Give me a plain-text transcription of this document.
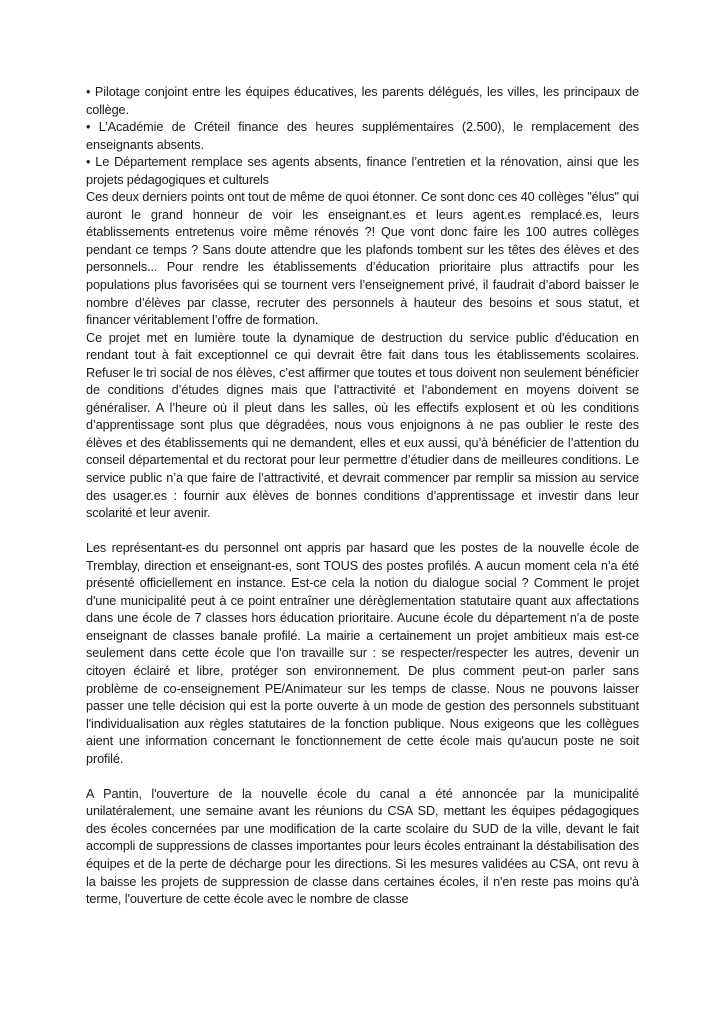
• Pilotage conjoint entre les équipes éducatives, les parents délégués, les villes, les principaux de collège.

• L’Académie de Créteil finance des heures supplémentaires (2.500), le remplacement des enseignants absents.

• Le Département remplace ses agents absents, finance l’entretien et la rénovation, ainsi que les projets pédagogiques et culturels

Ces deux derniers points ont tout de même de quoi étonner. Ce sont donc ces 40 collèges "élus" qui auront le grand honneur de voir les enseignant.es et leurs agent.es remplacé.es, leurs établissements entretenus voire même rénovés ?! Que vont donc faire les 100 autres collèges pendant ce temps ? Sans doute attendre que les plafonds tombent sur les têtes des élèves et des personnels... Pour rendre les établissements d’éducation prioritaire plus attractifs pour les populations plus favorisées qui se tournent vers l’enseignement privé, il faudrait d’abord baisser le nombre d’élèves par classe, recruter des personnels à hauteur des besoins et sous statut, et financer véritablement l’offre de formation.

Ce projet met en lumière toute la dynamique de destruction du service public d'éducation en rendant tout à fait exceptionnel ce qui devrait être fait dans tous les établissements scolaires. Refuser le tri social de nos élèves, c’est affirmer que toutes et tous doivent non seulement bénéficier de conditions d’études dignes mais que l’attractivité et l’abondement en moyens doivent se généraliser. A l’heure où il pleut dans les salles, où les effectifs explosent et où les conditions d’apprentissage sont plus que dégradées, nous vous enjoignons à ne pas oublier le reste des élèves et des établissements qui ne demandent, elles et eux aussi, qu’à bénéficier de l’attention du conseil départemental et du rectorat pour leur permettre d’étudier dans de meilleures conditions. Le service public n’a que faire de l’attractivité, et devrait commencer par remplir sa mission au service des usager.es : fournir aux élèves de bonnes conditions d’apprentissage et investir dans leur scolarité et leur avenir.

Les représentant-es du personnel ont appris par hasard que les postes de la nouvelle école de Tremblay, direction et enseignant-es, sont TOUS des postes profilés. A aucun moment cela n’a été présenté officiellement en instance. Est-ce cela la notion du dialogue social ? Comment le projet d'une municipalité peut à ce point entraîner une dérèglementation statutaire quant aux affectations dans une école de 7 classes hors éducation prioritaire. Aucune école du département n'a de poste enseignant de classes banale profilé. La mairie a certainement un projet ambitieux mais est-ce seulement dans cette école que l'on travaille sur : se respecter/respecter les autres, devenir un citoyen éclairé et libre, protéger son environnement. De plus comment peut-on parler sans problème de co-enseignement PE/Animateur sur les temps de classe. Nous ne pouvons laisser passer une telle décision qui est la porte ouverte à un mode de gestion des personnels substituant l'individualisation aux règles statutaires de la fonction publique. Nous exigeons que les collègues aient une information concernant le fonctionnement de cette école mais qu'aucun poste ne soit profilé.

A Pantin, l'ouverture de la nouvelle école du canal a été annoncée par la municipalité unilatéralement, une semaine avant les réunions du CSA SD, mettant les équipes pédagogiques des écoles concernées par une modification de la carte scolaire du SUD de la ville, devant le fait accompli de suppressions de classes importantes pour leurs écoles entrainant la déstabilisation des équipes et de la perte de décharge pour les directions. Si les mesures validées au CSA, ont revu à la baisse les projets de suppression de classe dans certaines écoles, il n'en reste pas moins qu'à terme, l'ouverture de cette école avec le nombre de classe
